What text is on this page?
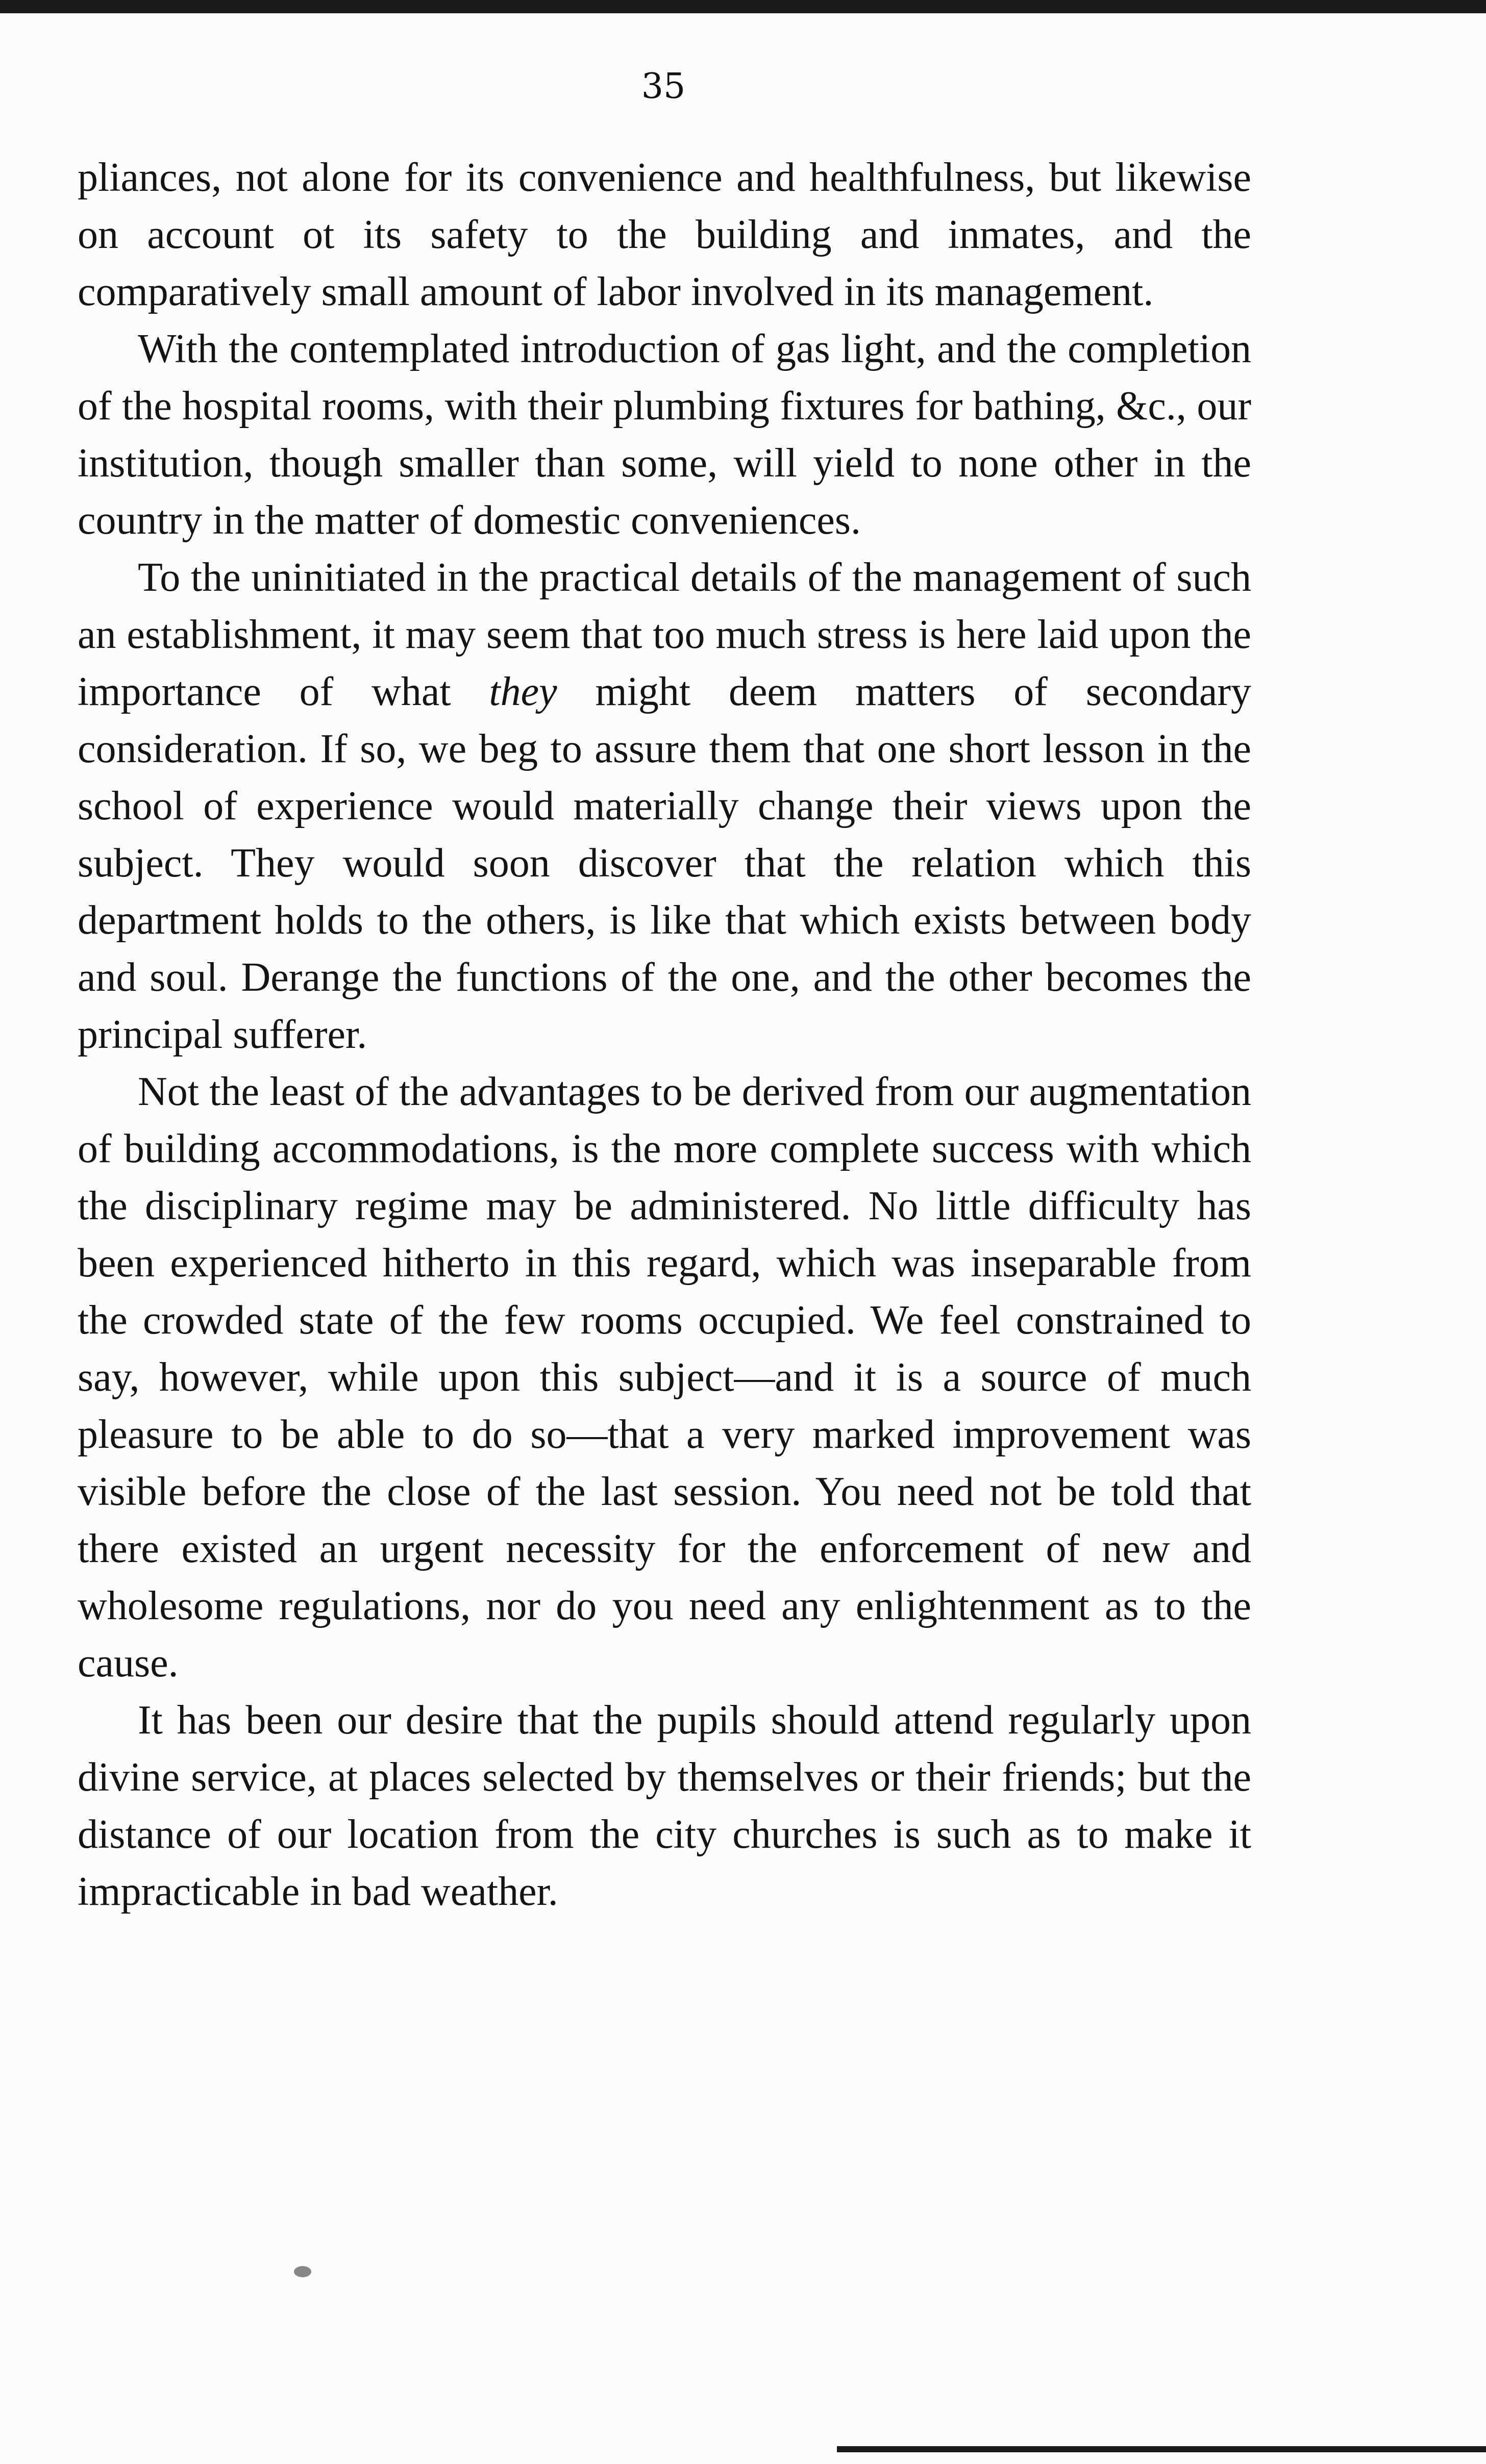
35

pliances, not alone for its convenience and healthfulness, but likewise on account ot its safety to the building and inmates, and the comparatively small amount of labor involved in its management.

With the contemplated introduction of gas light, and the completion of the hospital rooms, with their plumbing fixtures for bathing, &c., our institution, though smaller than some, will yield to none other in the country in the matter of domestic conveniences.

To the uninitiated in the practical details of the management of such an establishment, it may seem that too much stress is here laid upon the importance of what they might deem matters of secondary consideration. If so, we beg to assure them that one short lesson in the school of experience would materially change their views upon the subject. They would soon discover that the relation which this department holds to the others, is like that which exists between body and soul. Derange the functions of the one, and the other becomes the principal sufferer.

Not the least of the advantages to be derived from our augmentation of building accommodations, is the more complete success with which the disciplinary regime may be administered. No little difficulty has been experienced hitherto in this regard, which was inseparable from the crowded state of the few rooms occupied. We feel constrained to say, however, while upon this subject—and it is a source of much pleasure to be able to do so—that a very marked improvement was visible before the close of the last session. You need not be told that there existed an urgent necessity for the enforcement of new and wholesome regulations, nor do you need any enlightenment as to the cause.

It has been our desire that the pupils should attend regularly upon divine service, at places selected by themselves or their friends; but the distance of our location from the city churches is such as to make it impracticable in bad weather.
